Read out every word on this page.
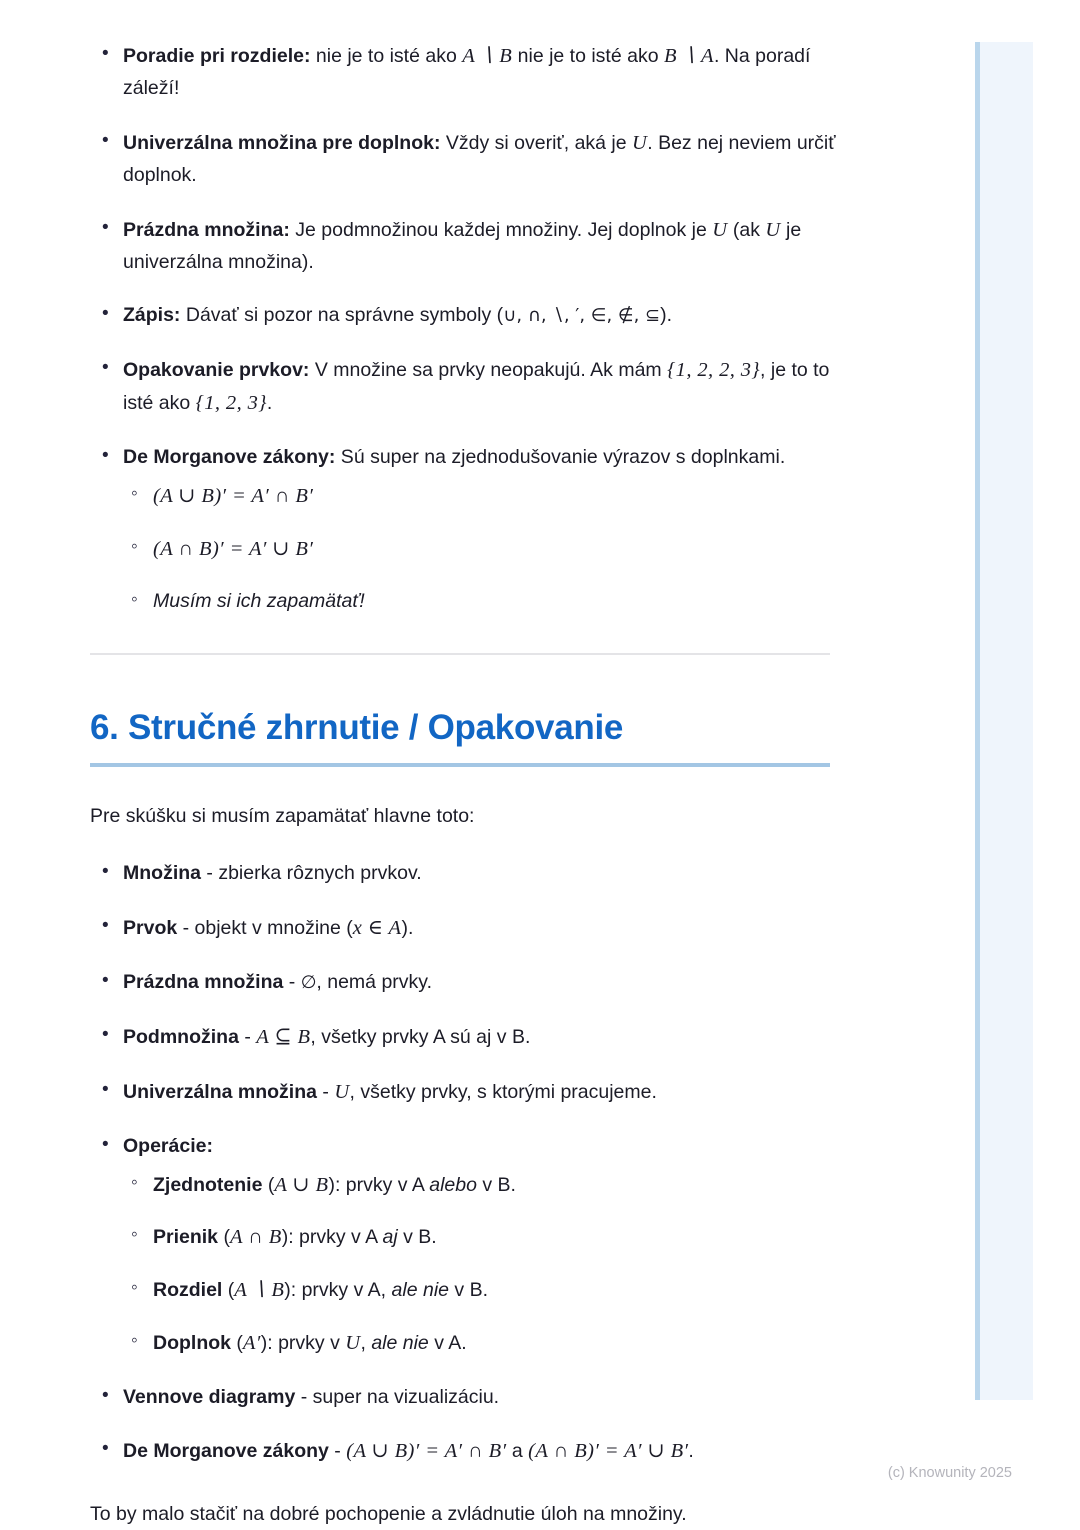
• Poradie pri rozdiele: nie je to isté ako A ∖ B nie je to isté ako B ∖ A. Na poradí záleží!
• Univerzálna množina pre doplnok: Vždy si overiť, aká je U. Bez nej neviem určiť doplnok.
• Prázdna množina: Je podmnožinou každej množiny. Jej doplnok je U (ak U je univerzálna množina).
• Zápis: Dávať si pozor na správne symboly (∪, ∩, ∖, ′, ∈, ∉, ⊆).
• Opakovanie prvkov: V množine sa prvky neopakujú. Ak mám {1, 2, 2, 3}, je to to isté ako {1, 2, 3}.
• De Morganove zákony: Sú super na zjednodušovanie výrazov s doplnkami.
◦ (A ∪ B)′ = A′ ∩ B′
◦ (A ∩ B)′ = A′ ∪ B′
◦ Musím si ich zapamätať!
6. Stručné zhrnutie / Opakovanie

Pre skúšku si musím zapamätať hlavne toto:

• Množina - zbierka rôznych prvkov.
• Prvok - objekt v množine (x ∈ A).
• Prázdna množina - ∅, nemá prvky.
• Podmnožina - A ⊆ B, všetky prvky A sú aj v B.
• Univerzálna množina - U, všetky prvky, s ktorými pracujeme.
• Operácie:
◦ Zjednotenie (A ∪ B): prvky v A alebo v B.
◦ Prienik (A ∩ B): prvky v A aj v B.
◦ Rozdiel (A ∖ B): prvky v A, ale nie v B.
◦ Doplnok (A′): prvky v U, ale nie v A.
• Vennove diagramy - super na vizualizáciu.
• De Morganove zákony - (A ∪ B)′ = A′ ∩ B′ a (A ∩ B)′ = A′ ∪ B′.

To by malo stačiť na dobré pochopenie a zvládnutie úloh na množiny.

(c) Knowunity 2025
